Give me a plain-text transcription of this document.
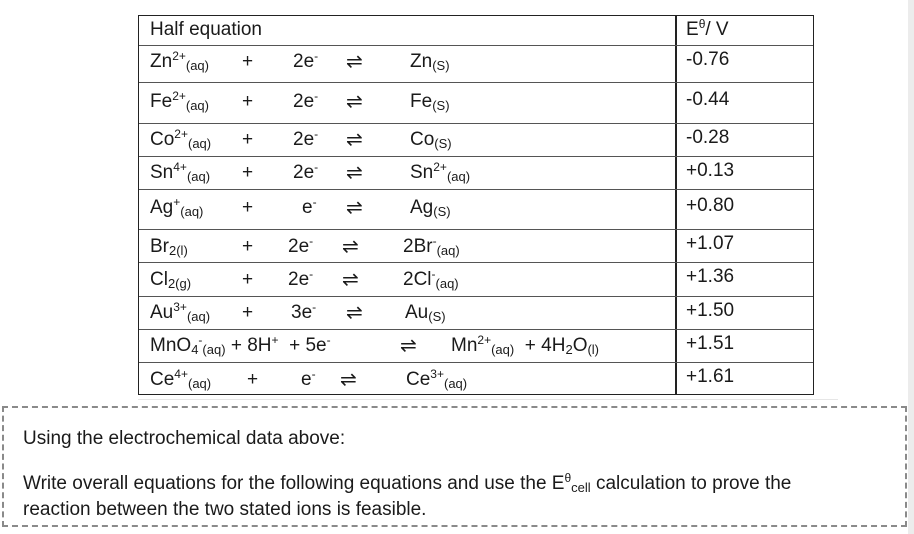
Half equation	$E^\theta/$ V
$Zn^{2+}_{(aq)} + 2e^-$ ⇌ $Zn_{(S)}$	-0.76
$Fe^{2+}_{(aq)} + 2e^-$ ⇌ $Fe_{(S)}$	-0.44
$Co^{2+}_{(aq)} + 2e^-$ ⇌ $Co_{(S)}$	-0.28
$Sn^{4+}_{(aq)} + 2e^-$ ⇌ $Sn^{2+}_{(aq)}$	+0.13
$Ag^+_{(aq)}$ +	e- ⇌ $Ag_{(S)}$	+0.80
$Br_{2(l)}$	+ 2e- ⇌ $2Br^-_{(aq)}$	+1.07
$Cl_{2(g)}$	+ 2e- ⇌ $2Cl^-_{(aq)}$	+1.36
$Au^{3+}_{(aq)} + 3e^-$ ⇌ $Au_{(S)}$	+1.50
MnO$_4$-$_{(aq)}$ + 8H+  + 5e-	⇌ $Mn^{2+}_{(aq)} + 4H_2O_{(l)}$	+1.51
$Ce^{4+}_{(aq)} + e^-$ ⇌	$Ce^{3+}_{(aq)}$	+1.61
Using the electrochemical data above:
Write overall equations for the following equations and use the $E^\theta_{cell}$ calculation to prove the
reaction between the two stated ions is feasible.
